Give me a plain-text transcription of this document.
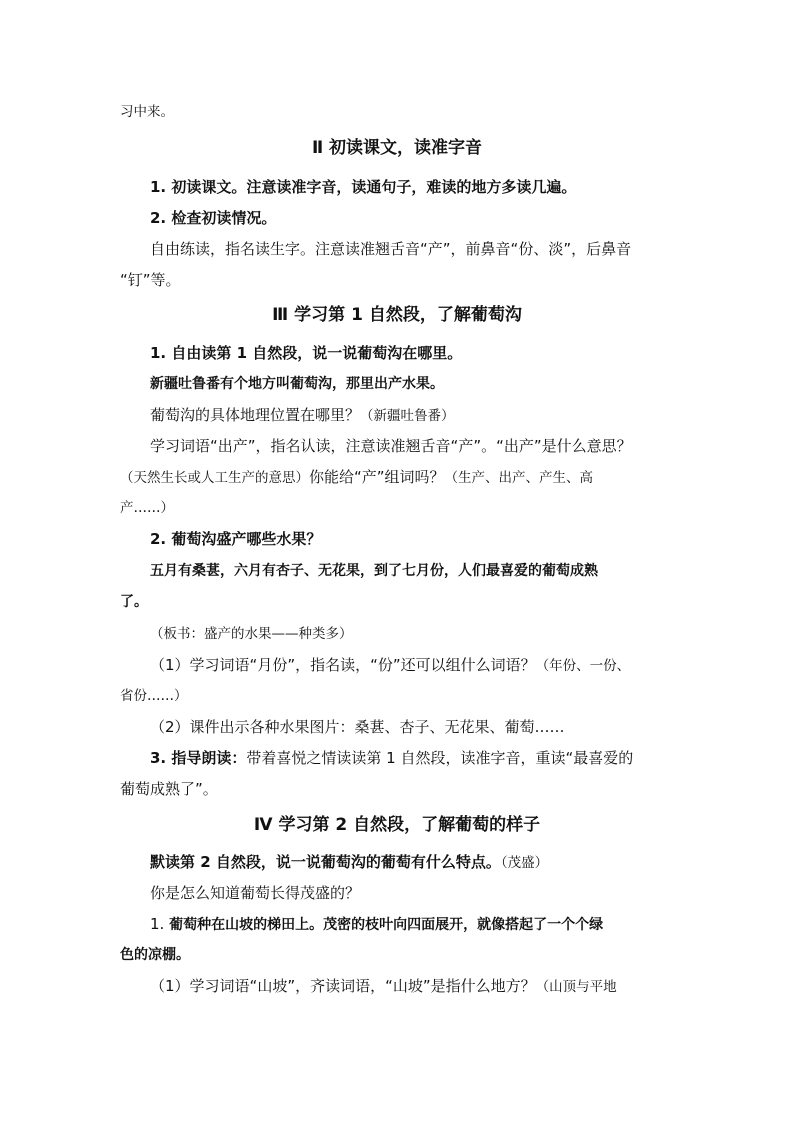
习中来。
Ⅱ 初读课文，读准字音
1. 初读课文。注意读准字音，读通句子，难读的地方多读几遍。
2. 检查初读情况。
自由练读，指名读生字。注意读准翘舌音“产”，前鼻音“份、淡”，后鼻音
“钉”等。
Ⅲ 学习第 1 自然段，了解葡萄沟
1. 自由读第 1 自然段，说一说葡萄沟在哪里。
新疆吐鲁番有个地方叫葡萄沟，那里出产水果。
葡萄沟的具体地理位置在哪里？（新疆吐鲁番）
学习词语“出产”，指名认读，注意读准翘舌音“产”。“出产”是什么意思？
（天然生长或人工生产的意思）你能给“产”组词吗？（生产、出产、产生、高
产……）
2. 葡萄沟盛产哪些水果？
五月有桑葚，六月有杏子、无花果，到了七月份，人们最喜爱的葡萄成熟
了。
（板书：盛产的水果——种类多）
（1）学习词语“月份”，指名读，“份”还可以组什么词语？（年份、一份、
省份……）
（2）课件出示各种水果图片：桑葚、杏子、无花果、葡萄……
3. 指导朗读：带着喜悦之情读读第 1 自然段，读准字音，重读“最喜爱的
葡萄成熟了”。
Ⅳ 学习第 2 自然段，了解葡萄的样子
默读第 2 自然段，说一说葡萄沟的葡萄有什么特点。（茂盛）
你是怎么知道葡萄长得茂盛的？
1. 葡萄种在山坡的梯田上。茂密的枝叶向四面展开，就像搭起了一个个绿
色的凉棚。
（1）学习词语“山坡”，齐读词语，“山坡”是指什么地方？（山顶与平地
